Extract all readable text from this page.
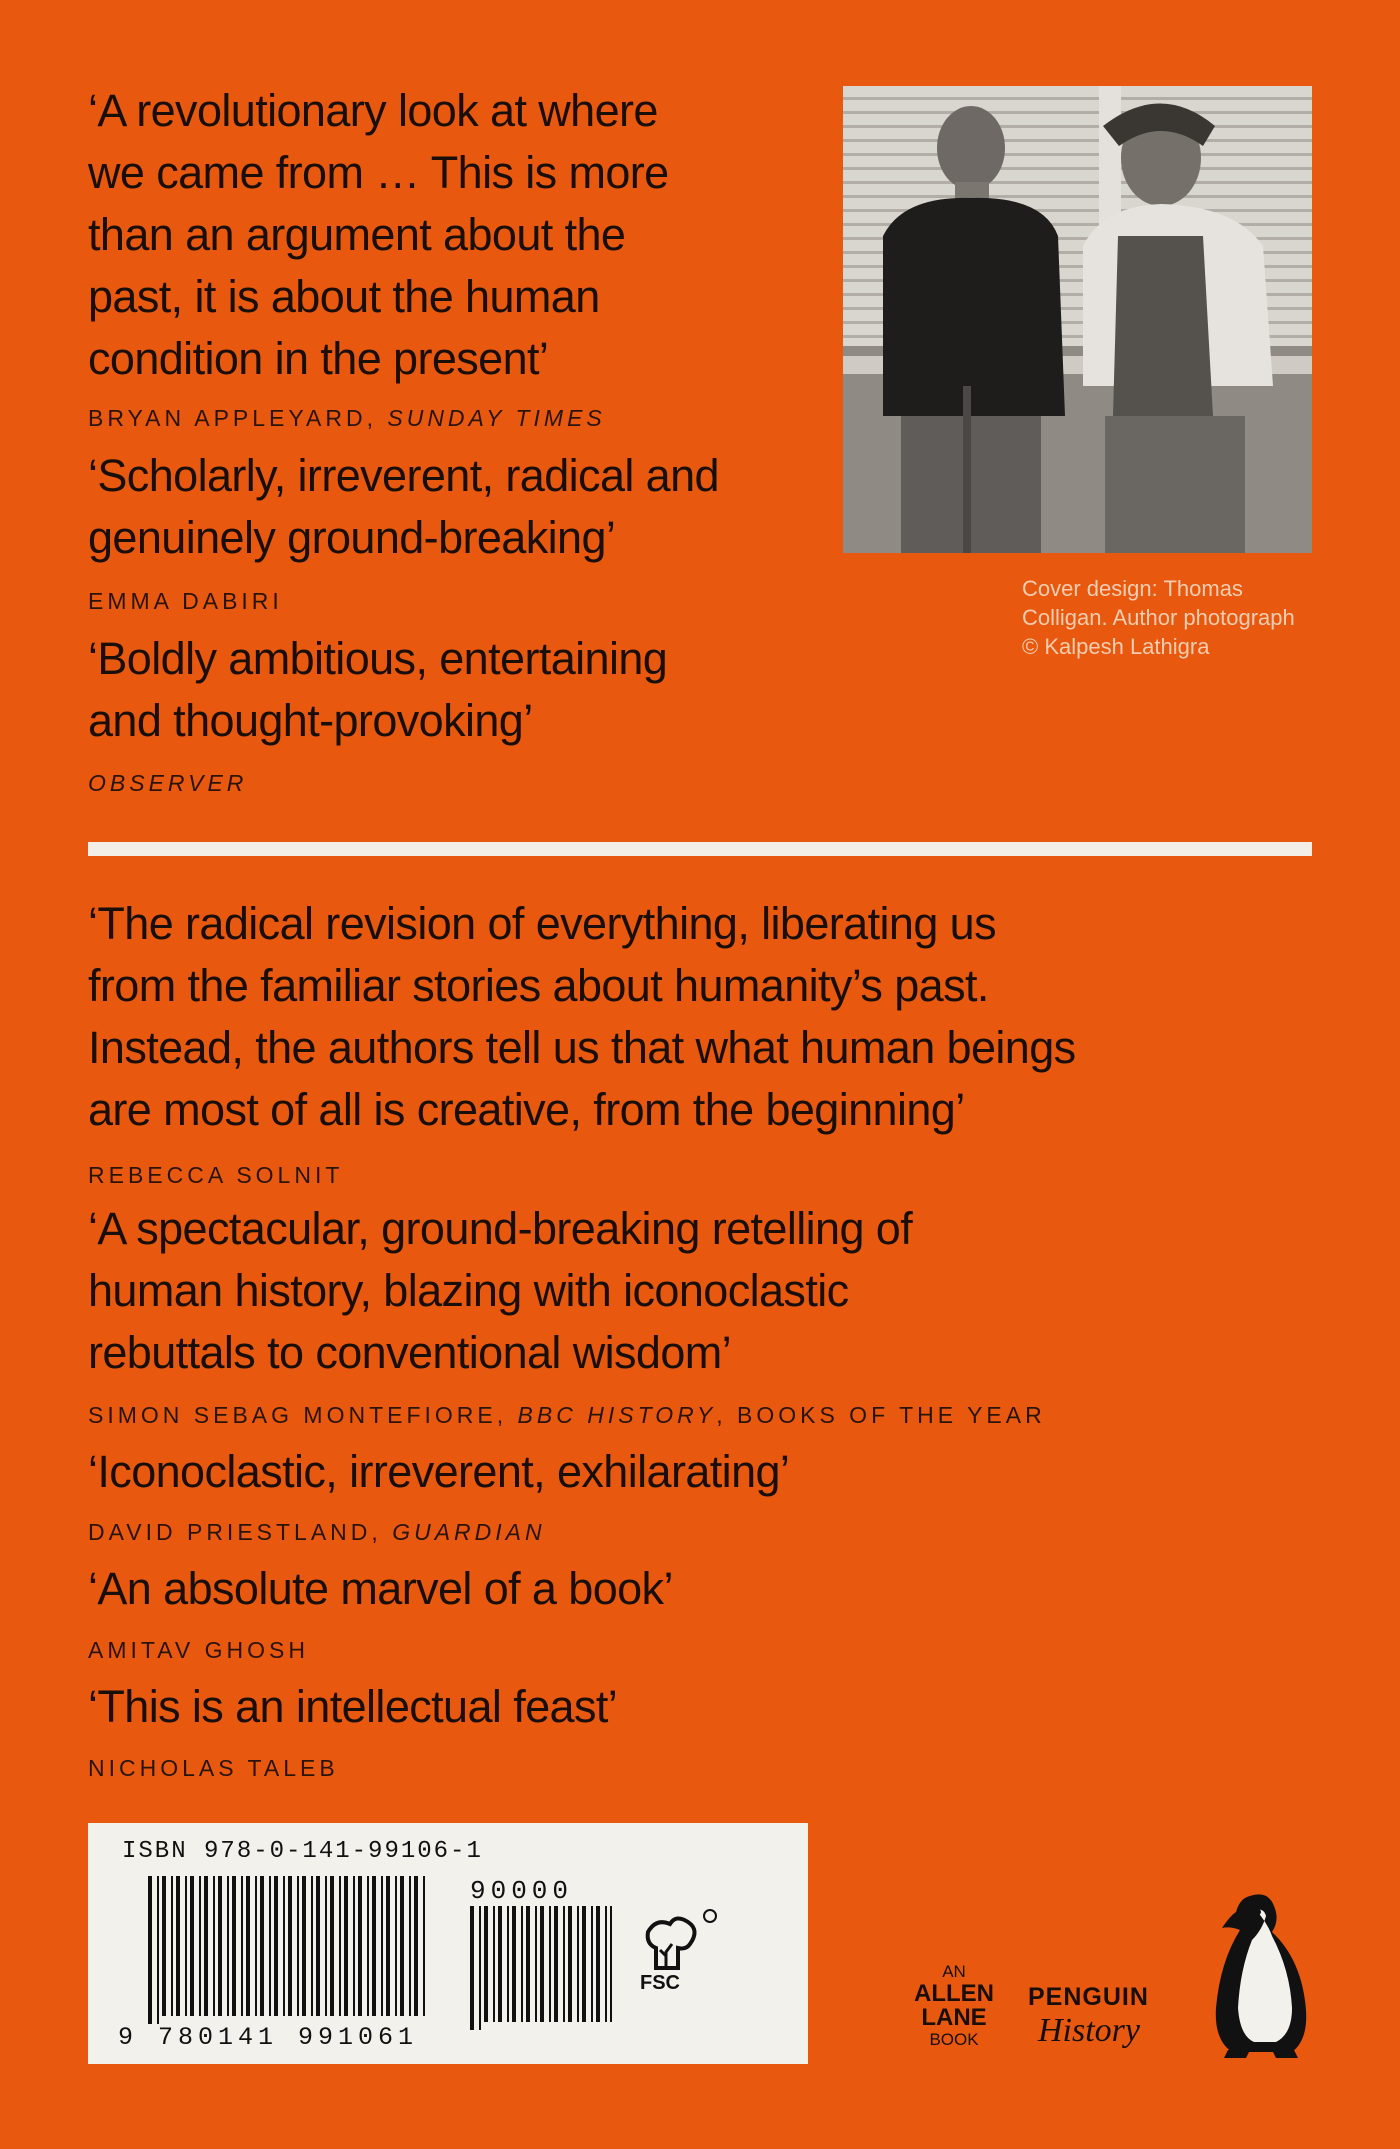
‘A revolutionary look at where
we came from … This is more
than an argument about the
past, it is about the human
condition in the present’

BRYAN APPLEYARD, SUNDAY TIMES

‘Scholarly, irreverent, radical and
genuinely ground-breaking’

EMMA DABIRI

‘Boldly ambitious, entertaining
and thought-provoking’

OBSERVER

Cover design: Thomas
Colligan. Author photograph
© Kalpesh Lathigra

‘The radical revision of everything, liberating us
from the familiar stories about humanity’s past.
Instead, the authors tell us that what human beings
are most of all is creative, from the beginning’

REBECCA SOLNIT

‘A spectacular, ground-breaking retelling of
human history, blazing with iconoclastic
rebuttals to conventional wisdom’

SIMON SEBAG MONTEFIORE, BBC HISTORY, BOOKS OF THE YEAR

‘Iconoclastic, irreverent, exhilarating’

DAVID PRIESTLAND, GUARDIAN

‘An absolute marvel of a book’

AMITAV GHOSH

‘This is an intellectual feast’

NICHOLAS TALEB

ISBN 978-0-141-99106-1
9 780141 991061
90000
FSC
AN
ALLEN
LANE
BOOK
PENGUIN
History
